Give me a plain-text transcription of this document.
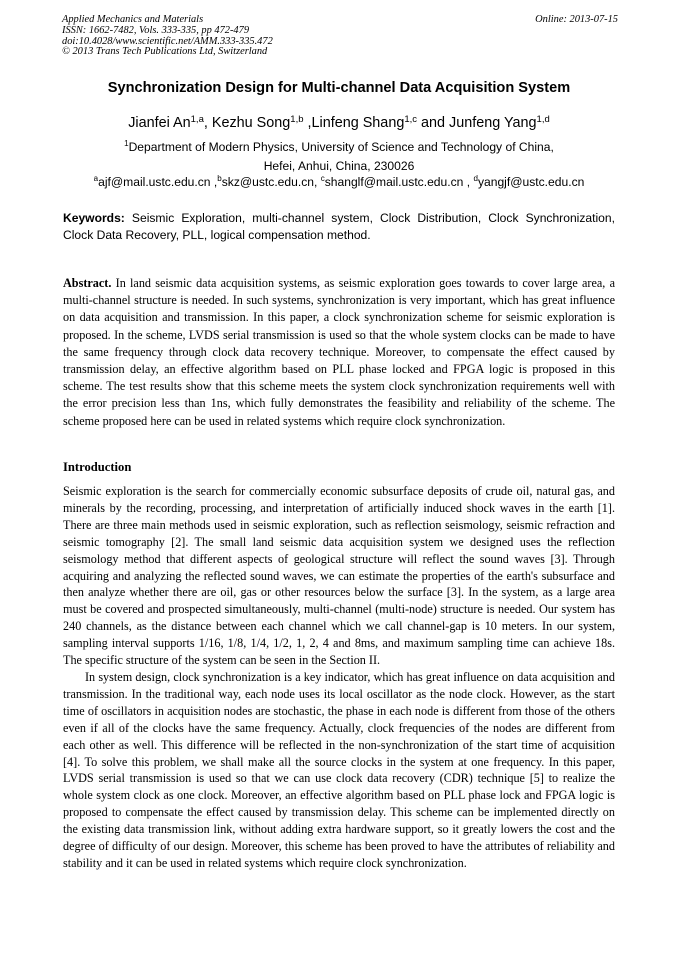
Applied Mechanics and Materials
ISSN: 1662-7482, Vols. 333-335, pp 472-479
doi:10.4028/www.scientific.net/AMM.333-335.472
© 2013 Trans Tech Publications Ltd, Switzerland
Online: 2013-07-15
Synchronization Design for Multi-channel Data Acquisition System
Jianfei An$^{1,a}$, Kezhu Song$^{1,b}$ ,Linfeng Shang$^{1,c}$ and Junfeng Yang$^{1,d}$
$^1$Department of Modern Physics, University of Science and Technology of China,
Hefei, Anhui, China, 230026
$^a$ajf@mail.ustc.edu.cn ,$^b$skz@ustc.edu.cn, $^c$shanglf@mail.ustc.edu.cn , $^d$yangjf@ustc.edu.cn
Keywords: Seismic Exploration, multi-channel system, Clock Distribution, Clock Synchronization, Clock Data Recovery, PLL, logical compensation method.
Abstract. In land seismic data acquisition systems, as seismic exploration goes towards to cover large area, a multi-channel structure is needed. In such systems, synchronization is very important, which has great influence on data acquisition and transmission. In this paper, a clock synchronization scheme for seismic exploration is proposed. In the scheme, LVDS serial transmission is used so that the whole system clocks can be made to have the same frequency through clock data recovery technique. Moreover, to compensate the effect caused by transmission delay, an effective algorithm based on PLL phase locked and FPGA logic is proposed in this scheme. The test results show that this scheme meets the system clock synchronization requirements well with the error precision less than 1ns, which fully demonstrates the feasibility and reliability of the scheme. The scheme proposed here can be used in related systems which require clock synchronization.
Introduction

Seismic exploration is the search for commercially economic subsurface deposits of crude oil, natural gas, and minerals by the recording, processing, and interpretation of artificially induced shock waves in the earth [1]. There are three main methods used in seismic exploration, such as reflection seismology, seismic refraction and seismic tomography [2]. The small land seismic data acquisition system we designed uses the reflection seismology method that different aspects of geological structure will reflect the sound waves [3]. Through acquiring and analyzing the reflected sound waves, we can estimate the properties of the earth's subsurface and then analyze whether there are oil, gas or other resources below the surface [3]. In the system, as a large area must be covered and prospected simultaneously, multi-channel (multi-node) structure is needed. Our system has 240 channels, as the distance between each channel which we call channel-gap is 10 meters. In our system, sampling interval supports 1/16, 1/8, 1/4, 1/2, 1, 2, 4 and 8ms, and maximum sampling time can achieve 18s. The specific structure of the system can be seen in the Section II.

In system design, clock synchronization is a key indicator, which has great influence on data acquisition and transmission. In the traditional way, each node uses its local oscillator as the node clock. However, as the start time of oscillators in acquisition nodes are stochastic, the phase in each node is different from those of the others even if all of the clocks have the same frequency. Actually, clock frequencies of the nodes are different from each other as well. This difference will be reflected in the non-synchronization of the start time of acquisition [4]. To solve this problem, we shall make all the source clocks in the system at one frequency. In this paper, LVDS serial transmission is used so that we can use clock data recovery (CDR) technique [5] to realize the whole system clock as one clock. Moreover, an effective algorithm based on PLL phase lock and FPGA logic is proposed to compensate the effect caused by transmission delay. This scheme can be implemented directly on the existing data transmission link, without adding extra hardware support, so it greatly lowers the cost and the degree of difficulty of our design. Moreover, this scheme has been proved to have the attributes of reliability and stability and it can be used in related systems which require clock synchronization.
